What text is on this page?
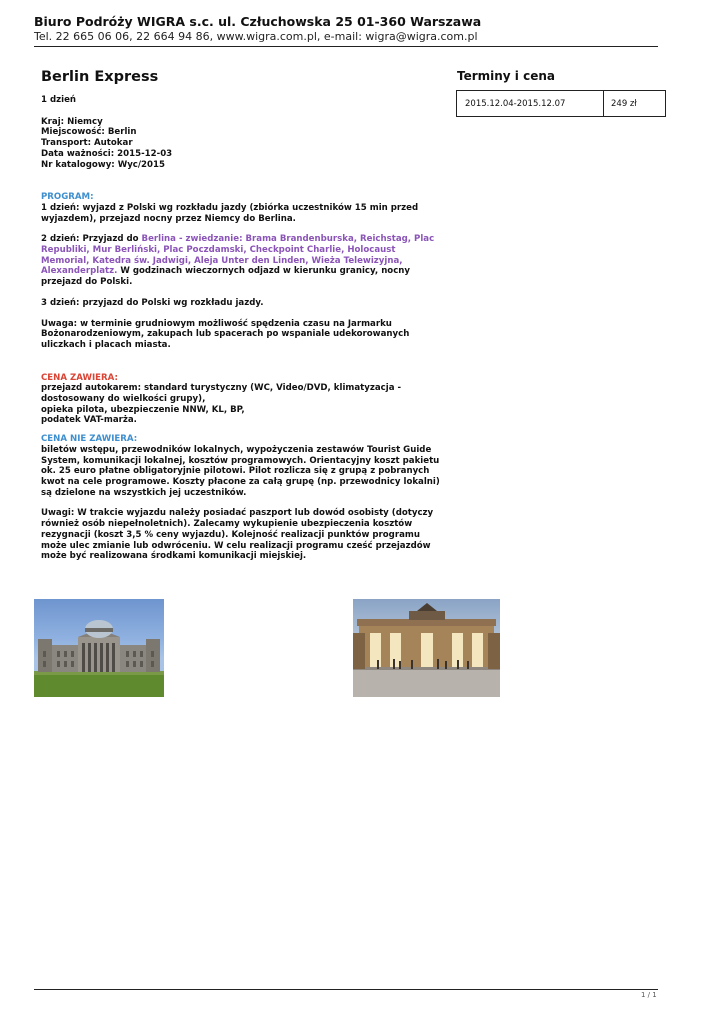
Biuro Podróży WIGRA s.c. ul. Człuchowska 25 01-360 Warszawa
Tel. 22 665 06 06, 22 664 94 86, www.wigra.com.pl, e-mail: wigra@wigra.com.pl
Berlin Express	Terminy i cena
2015.12.04-2015.12.07	249 zł

1 dzień

Kraj: Niemcy

Miejscowość: Berlin

Transport: Autokar

Data ważności: 2015-12-03

Nr katalogowy: Wyc/2015

PROGRAM:

1 dzień: wyjazd z Polski wg rozkładu jazdy (zbiórka uczestników 15 min przed wyjazdem), przejazd nocny przez Niemcy do Berlina.

2 dzień: Przyjazd do Berlina - zwiedzanie: Brama Brandenburska, Reichstag, Plac Republiki, Mur Berliński, Plac Poczdamski, Checkpoint Charlie, Holocaust Memorial, Katedra św. Jadwigi, Aleja Unter den Linden, Wieża Telewizyjna, Alexanderplatz. W godzinach wieczornych odjazd w kierunku granicy, nocny przejazd do Polski.

3 dzień: przyjazd do Polski wg rozkładu jazdy.

Uwaga: w terminie grudniowym możliwość spędzenia czasu na Jarmarku Bożonarodzeniowym, zakupach lub spacerach po wspaniale udekorowanych uliczkach i placach miasta.

CENA ZAWIERA:

przejazd autokarem: standard turystyczny (WC, Video/DVD, klimatyzacja - dostosowany do wielkości grupy),

opieka pilota, ubezpieczenie NNW, KL, BP,

podatek VAT-marża.

CENA NIE ZAWIERA:

biletów wstępu, przewodników lokalnych, wypożyczenia zestawów Tourist Guide System, komunikacji lokalnej, kosztów programowych. Orientacyjny koszt pakietu ok. 25 euro płatne obligatoryjnie pilotowi. Pilot rozlicza się z grupą z pobranych kwot na cele programowe. Koszty płacone za całą grupę (np. przewodnicy lokalni) są dzielone na wszystkich jej uczestników.

Uwagi: W trakcie wyjazdu należy posiadać paszport lub dowód osobisty (dotyczy również osób niepełnoletnich). Zalecamy wykupienie ubezpieczenia kosztów rezygnacji (koszt 3,5 % ceny wyjazdu). Kolejność realizacji punktów programu może ulec zmianie lub odwróceniu. W celu realizacji programu cześć przejazdów może być realizowana środkami komunikacji miejskiej.

1 / 1
